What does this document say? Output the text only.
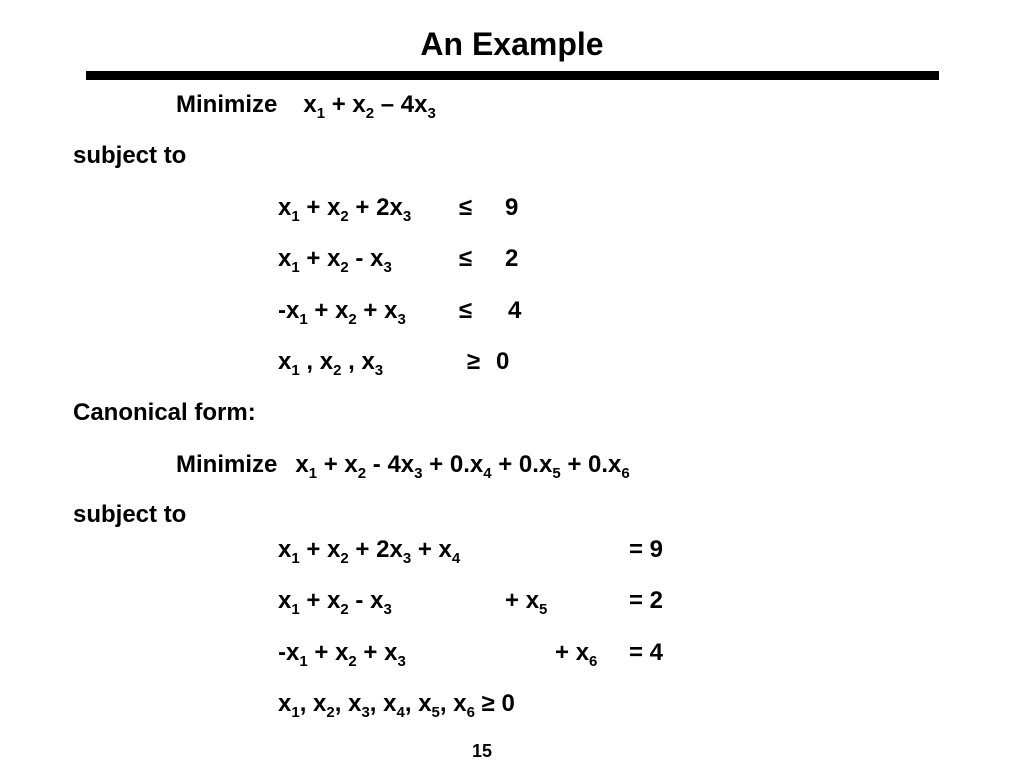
An Example
Minimize $x_1 + x_2 - 4x_3$
subject to
$x_1 + x_2 + 2x_3 \le 9$
$x_1 + x_2 - x_3$	≤ 2
$-x_1 + x_2 + x_3 \le 4$
$x_1$ , $x_2$ , $x_3$	≥ 0
Canonical form:
Minimize $x_1 + x_2 - 4x_3 + 0.x_4 + 0.x_5 + 0.x_6$
subject to
$x_1 + x_2 + 2x_3 + x_4$	= 9
$x_1 + x_2 - x_3$	+ $x_5$	= 2
$-x_1 + x_2 + x_3$	+ $x_6 = 4$
$x_1$, $x_2$, $x_3$, $x_4$, $x_5$, $x_6 \ge 0$
15
